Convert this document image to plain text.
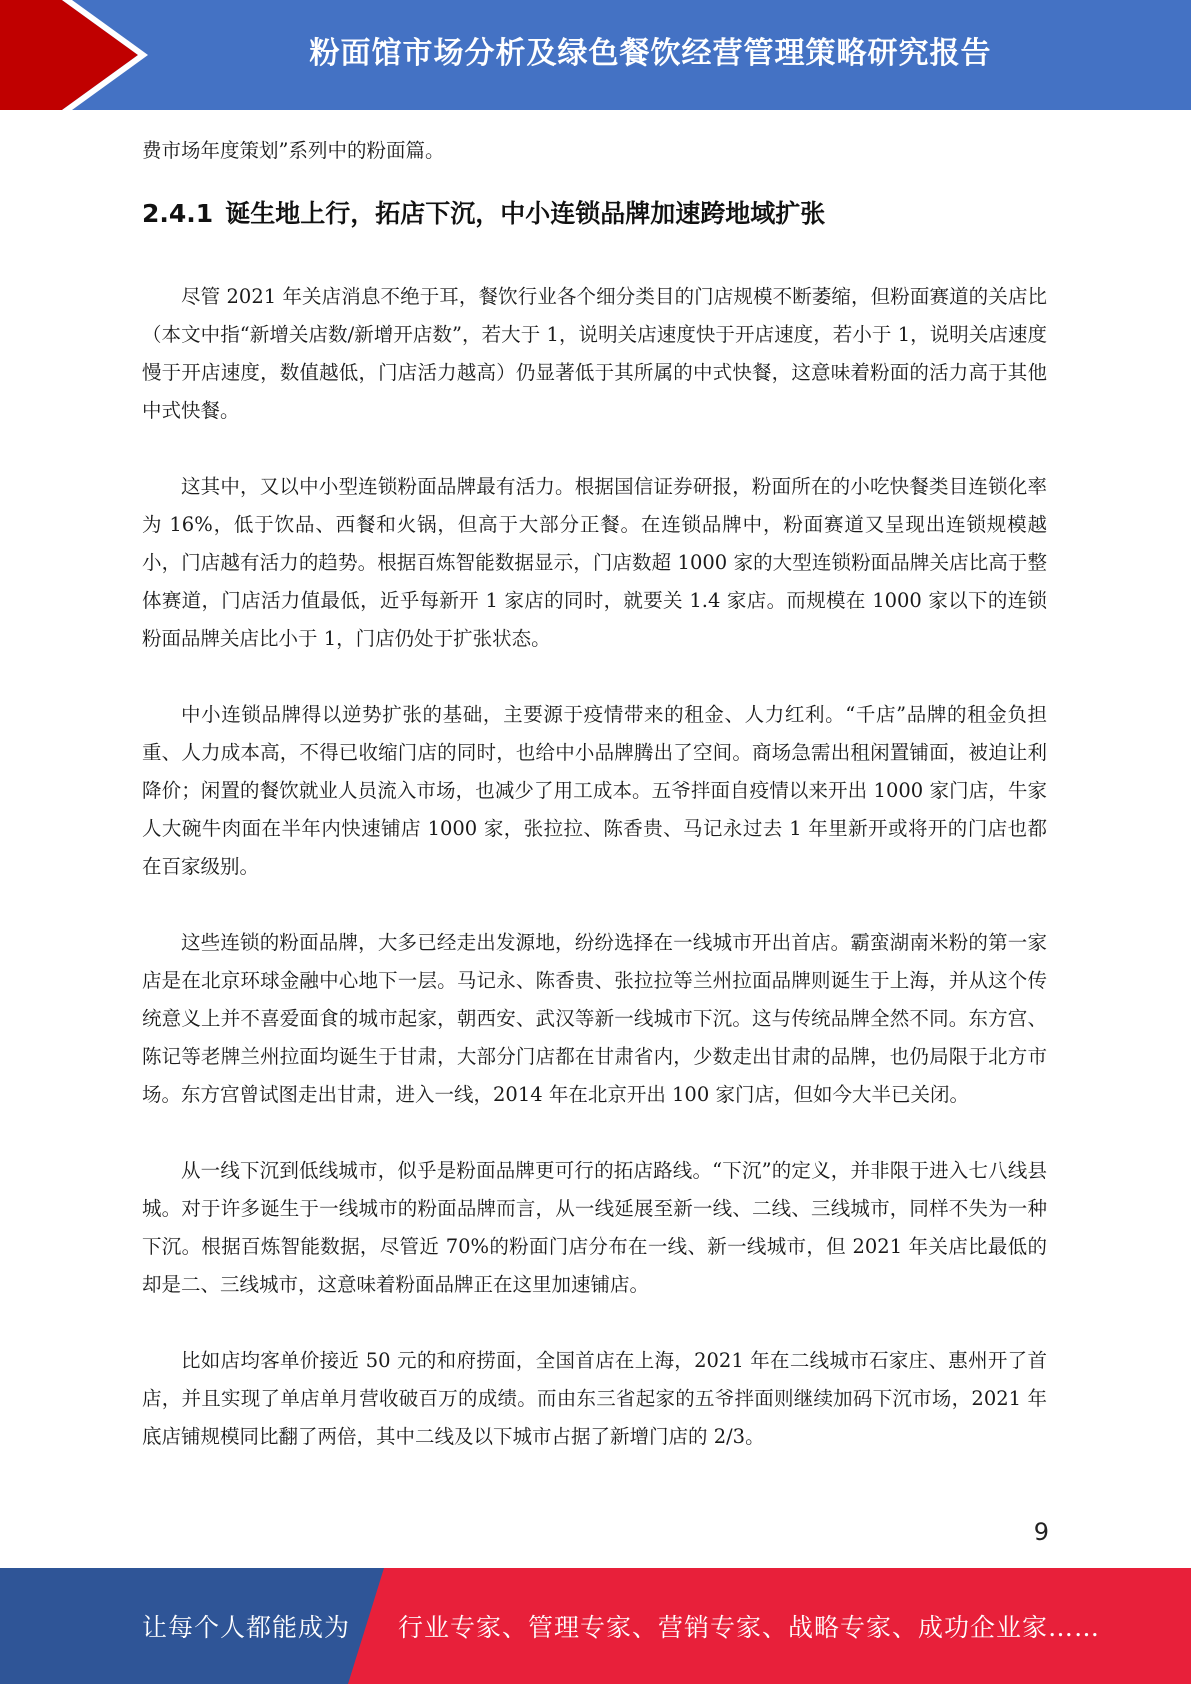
粉面馆市场分析及绿色餐饮经营管理策略研究报告

费市场年度策划”系列中的粉面篇。

2.4.1 诞生地上行，拓店下沉，中小连锁品牌加速跨地域扩张

尽管 2021 年关店消息不绝于耳，餐饮行业各个细分类目的门店规模不断萎缩，但粉面赛道的关店比（本文中指“新增关店数/新增开店数”，若大于 1，说明关店速度快于开店速度，若小于 1，说明关店速度慢于开店速度，数值越低，门店活力越高）仍显著低于其所属的中式快餐，这意味着粉面的活力高于其他中式快餐。

这其中，又以中小型连锁粉面品牌最有活力。根据国信证券研报，粉面所在的小吃快餐类目连锁化率为 16%，低于饮品、西餐和火锅，但高于大部分正餐。在连锁品牌中，粉面赛道又呈现出连锁规模越小，门店越有活力的趋势。根据百炼智能数据显示，门店数超 1000 家的大型连锁粉面品牌关店比高于整体赛道，门店活力值最低，近乎每新开 1 家店的同时，就要关 1.4 家店。而规模在 1000 家以下的连锁粉面品牌关店比小于 1，门店仍处于扩张状态。

中小连锁品牌得以逆势扩张的基础，主要源于疫情带来的租金、人力红利。“千店”品牌的租金负担重、人力成本高，不得已收缩门店的同时，也给中小品牌腾出了空间。商场急需出租闲置铺面，被迫让利降价；闲置的餐饮就业人员流入市场，也减少了用工成本。五爷拌面自疫情以来开出 1000 家门店，牛家人大碗牛肉面在半年内快速铺店 1000 家，张拉拉、陈香贵、马记永过去 1 年里新开或将开的门店也都在百家级别。

这些连锁的粉面品牌，大多已经走出发源地，纷纷选择在一线城市开出首店。霸蛮湖南米粉的第一家店是在北京环球金融中心地下一层。马记永、陈香贵、张拉拉等兰州拉面品牌则诞生于上海，并从这个传统意义上并不喜爱面食的城市起家，朝西安、武汉等新一线城市下沉。这与传统品牌全然不同。东方宫、陈记等老牌兰州拉面均诞生于甘肃，大部分门店都在甘肃省内，少数走出甘肃的品牌，也仍局限于北方市场。东方宫曾试图走出甘肃，进入一线，2014 年在北京开出 100 家门店，但如今大半已关闭。

从一线下沉到低线城市，似乎是粉面品牌更可行的拓店路线。“下沉”的定义，并非限于进入七八线县城。对于许多诞生于一线城市的粉面品牌而言，从一线延展至新一线、二线、三线城市，同样不失为一种下沉。根据百炼智能数据，尽管近 70%的粉面门店分布在一线、新一线城市，但 2021 年关店比最低的却是二、三线城市，这意味着粉面品牌正在这里加速铺店。

比如店均客单价接近 50 元的和府捞面，全国首店在上海，2021 年在二线城市石家庄、惠州开了首店，并且实现了单店单月营收破百万的成绩。而由东三省起家的五爷拌面则继续加码下沉市场，2021 年底店铺规模同比翻了两倍，其中二线及以下城市占据了新增门店的 2/3。

9
让每个人都能成为 行业专家、管理专家、营销专家、战略专家、成功企业家……
